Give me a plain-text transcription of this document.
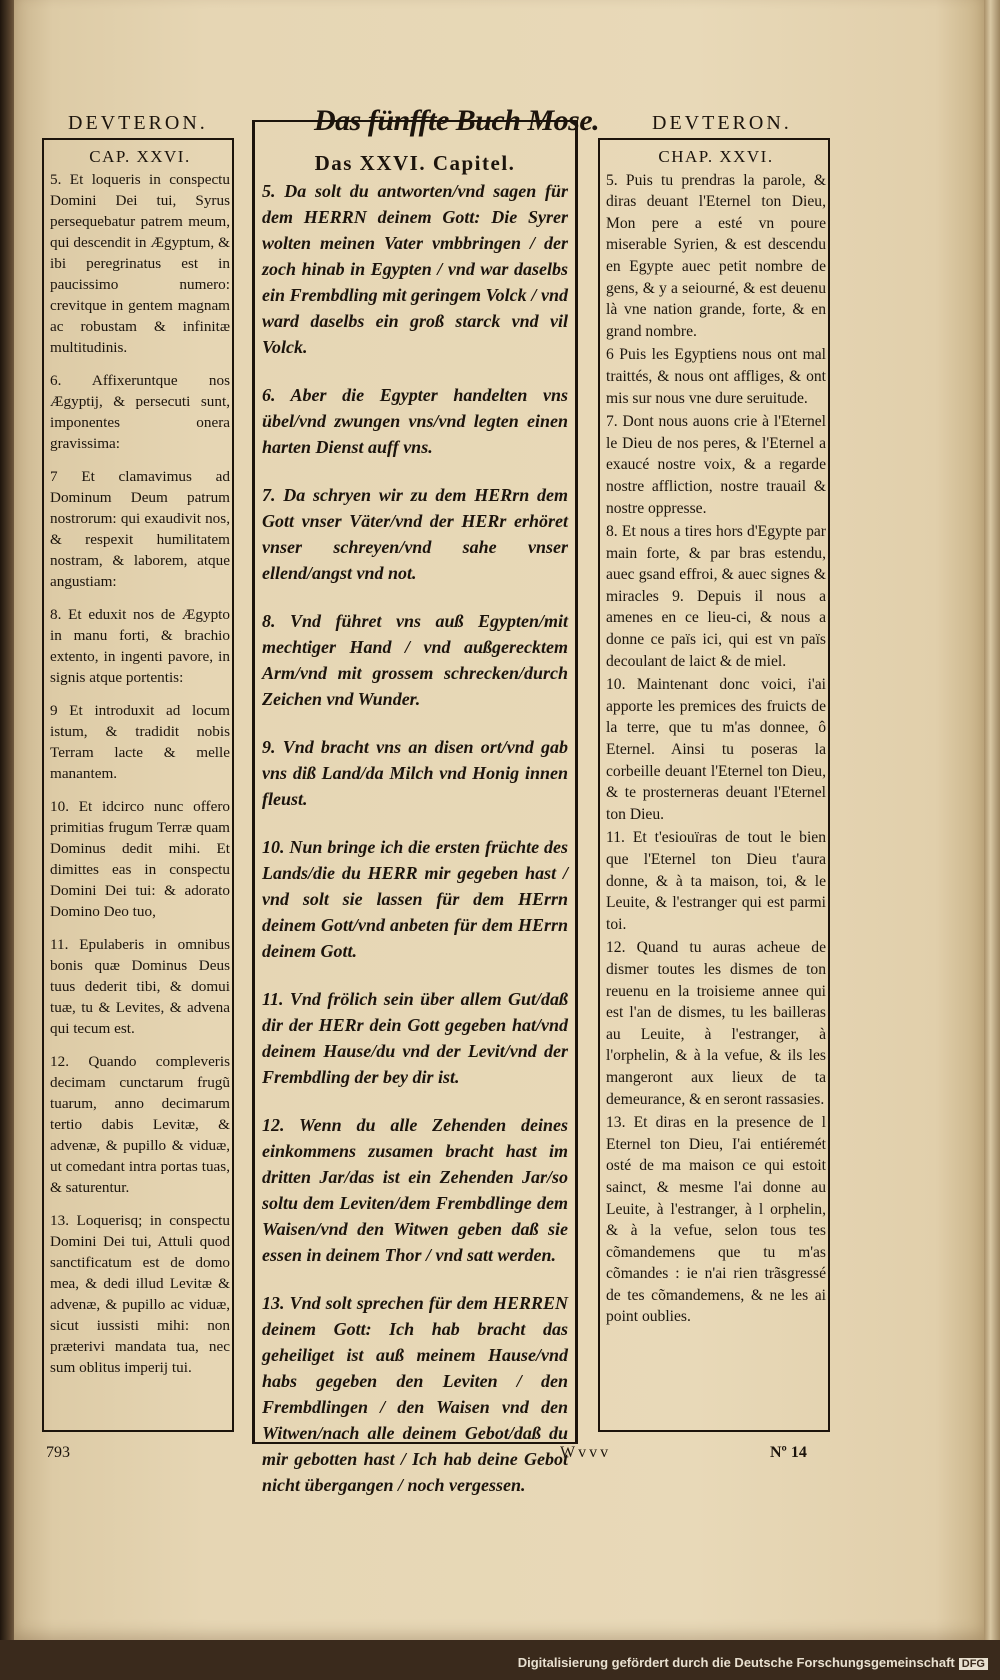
DEVTERON.	Das fünffte Buch Mose.	DEVTERON.
CAP. XXVI.

5. Et loqueris in conspectu Domini Dei tui, Syrus persequebatur patrem meum, qui descendit in Ægyptum, & ibi peregrinatus est in paucissimo numero: crevitque in gentem magnam ac robustam & infinitæ multitudinis.

6. Affixeruntque nos Ægyptij, & persecuti sunt, imponentes onera gravissima:

7 Et clamavimus ad Dominum Deum patrum nostrorum: qui exaudivit nos, & respexit humilitatem nostram, & laborem, atque angustiam:

8. Et eduxit nos de Ægypto in manu forti, & brachio extento, in ingenti pavore, in signis atque portentis:

9 Et introduxit ad locum istum, & tradidit nobis Terram lacte & melle manantem.

10. Et idcirco nunc offero primitias frugum Terræ quam Dominus dedit mihi. Et dimittes eas in conspectu Domini Dei tui: & adorato Domino Deo tuo,

11. Epulaberis in omnibus bonis quæ Dominus Deus tuus dederit tibi, & domui tuæ, tu & Levites, & advena qui tecum est.

12. Quando compleveris decimam cunctarum frugũ tuarum, anno decimarum tertio dabis Levitæ, & advenæ, & pupillo & viduæ, ut comedant intra portas tuas, & saturentur.

13. Loquerisq; in conspectu Domini Dei tui, Attuli quod sanctificatum est de domo mea, & dedi illud Levitæ & advenæ, & pupillo ac viduæ, sicut iussisti mihi: non præterivi mandata tua, nec sum oblitus imperij tui.

Das XXVI. Capitel.

5. Da solt du antworten/vnd sagen für dem HERRN deinem Gott: Die Syrer wolten meinen Vater vmbbringen / der zoch hinab in Egypten / vnd war daselbs ein Frembdling mit geringem Volck / vnd ward daselbs ein groß starck vnd vil Volck.

6. Aber die Egypter handelten vns übel/vnd zwungen vns/vnd legten einen harten Dienst auff vns.

7. Da schryen wir zu dem HERrn dem Gott vnser Väter/vnd der HERr erhöret vnser schreyen/vnd sahe vnser ellend/angst vnd not.

8. Vnd führet vns auß Egypten/mit mechtiger Hand / vnd außgerecktem Arm/vnd mit grossem schrecken/durch Zeichen vnd Wunder.

9. Vnd bracht vns an disen ort/vnd gab vns diß Land/da Milch vnd Honig innen fleust.

10. Nun bringe ich die ersten früchte des Lands/die du HERR mir gegeben hast / vnd solt sie lassen für dem HErrn deinem Gott/vnd anbeten für dem HErrn deinem Gott.

11. Vnd frölich sein über allem Gut/daß dir der HERr dein Gott gegeben hat/vnd deinem Hause/du vnd der Levit/vnd der Frembdling der bey dir ist.

12. Wenn du alle Zehenden deines einkommens zusamen bracht hast im dritten Jar/das ist ein Zehenden Jar/so soltu dem Leviten/dem Frembdlinge dem Waisen/vnd den Witwen geben daß sie essen in deinem Thor / vnd satt werden.

13. Vnd solt sprechen für dem HERREN deinem Gott: Ich hab bracht das geheiliget ist auß meinem Hause/vnd habs gegeben den Leviten / den Frembdlingen / den Waisen vnd den Witwen/nach alle deinem Gebot/daß du mir gebotten hast / Ich hab deine Gebot nicht übergangen / noch vergessen.

CHAP. XXVI.

5. Puis tu prendras la parole, & diras deuant l'Eternel ton Dieu, Mon pere a esté vn poure miserable Syrien, & est descendu en Egypte auec petit nombre de gens, & y a seiourné, & est deuenu là vne nation grande, forte, & en grand nombre.

6 Puis les Egyptiens nous ont mal traittés, & nous ont affliges, & ont mis sur nous vne dure seruitude.

7. Dont nous auons crie à l'Eternel le Dieu de nos peres, & l'Eternel a exaucé nostre voix, & a regarde nostre affliction, nostre trauail & nostre oppresse.

8. Et nous a tires hors d'Egypte par main forte, & par bras estendu, auec gsand effroi, & auec signes & miracles 9. Depuis il nous a amenes en ce lieu-ci, & nous a donne ce païs ici, qui est vn païs decoulant de laict & de miel.

10. Maintenant donc voici, i'ai apporte les premices des fruicts de la terre, que tu m'as donnee, ô Eternel. Ainsi tu poseras la corbeille deuant l'Eternel ton Dieu, & te prosterneras deuant l'Eternel ton Dieu.

11. Et t'esiouïras de tout le bien que l'Eternel ton Dieu t'aura donne, & à ta maison, toi, & le Leuite, & l'estranger qui est parmi toi.

12. Quand tu auras acheue de dismer toutes les dismes de ton reuenu en la troisieme annee qui est l'an de dismes, tu les bailleras au Leuite, à l'estranger, à l'orphelin, & à la vefue, & ils les mangeront aux lieux de ta demeurance, & en seront rassasies.

13. Et diras en la presence de l Eternel ton Dieu, I'ai entiéremét osté de ma maison ce qui estoit sainct, & mesme l'ai donne au Leuite, à l'estranger, à l orphelin, & à la vefue, selon tous tes cõmandemens que tu m'as cõmandes : ie n'ai rien trãsgressé de tes cõmandemens, & ne les ai point oublies.

793	Wvvv	Nº 14
Digitalisierung gefördert durch die Deutsche Forschungsgemeinschaft DFG
